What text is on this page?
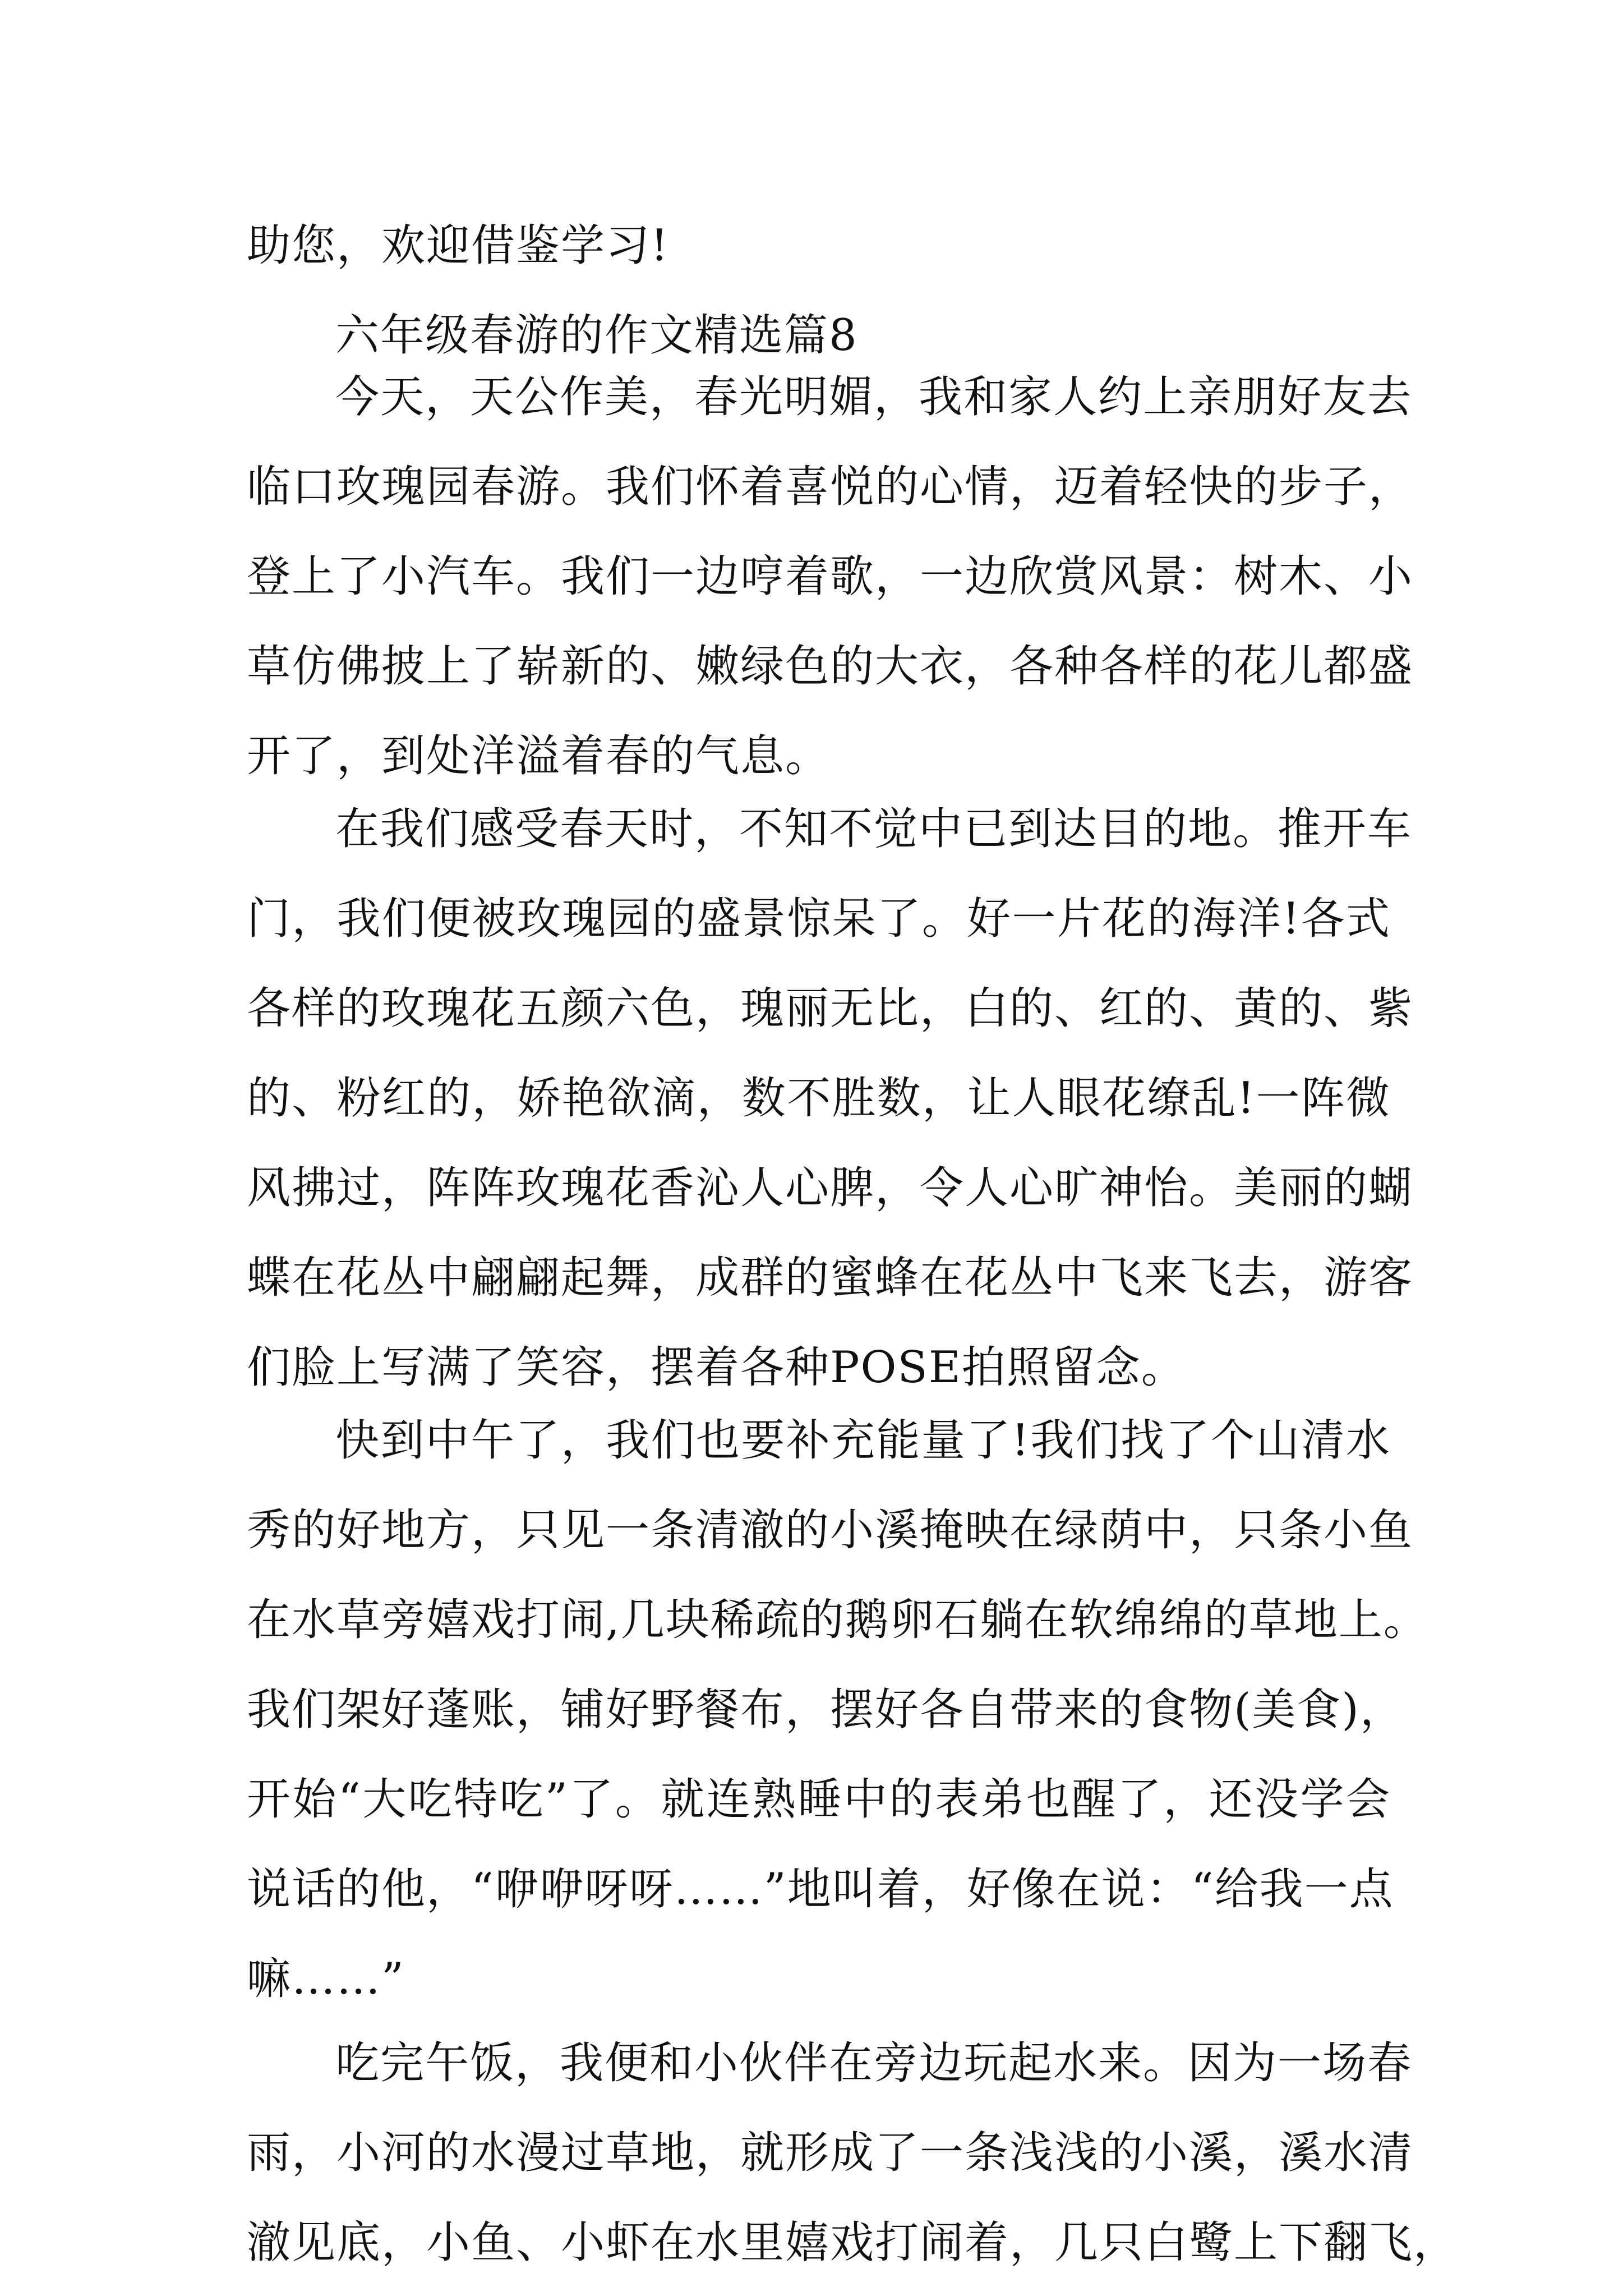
助您，欢迎借鉴学习!
六年级春游的作文精选篇8
今天，天公作美，春光明媚，我和家人约上亲朋好友去
临口玫瑰园春游。我们怀着喜悦的心情，迈着轻快的步子，
登上了小汽车。我们一边哼着歌，一边欣赏风景：树木、小
草仿佛披上了崭新的、嫩绿色的大衣，各种各样的花儿都盛
开了，到处洋溢着春的气息。
在我们感受春天时，不知不觉中已到达目的地。推开车
门，我们便被玫瑰园的盛景惊呆了。好一片花的海洋!各式
各样的玫瑰花五颜六色，瑰丽无比，白的、红的、黄的、紫
的、粉红的，娇艳欲滴，数不胜数，让人眼花缭乱!一阵微
风拂过，阵阵玫瑰花香沁人心脾，令人心旷神怡。美丽的蝴
蝶在花丛中翩翩起舞，成群的蜜蜂在花丛中飞来飞去，游客
们脸上写满了笑容，摆着各种POSE拍照留念。
快到中午了，我们也要补充能量了!我们找了个山清水
秀的好地方，只见一条清澈的小溪掩映在绿荫中，只条小鱼
在水草旁嬉戏打闹,几块稀疏的鹅卵石躺在软绵绵的草地上。
我们架好蓬账，铺好野餐布，摆好各自带来的食物(美食)，
开始“大吃特吃”了。就连熟睡中的表弟也醒了，还没学会
说话的他，“咿咿呀呀……”地叫着，好像在说：“给我一点
嘛……”
吃完午饭，我便和小伙伴在旁边玩起水来。因为一场春
雨，小河的水漫过草地，就形成了一条浅浅的小溪，溪水清
澈见底，小鱼、小虾在水里嬉戏打闹着，几只白鹭上下翻飞，
